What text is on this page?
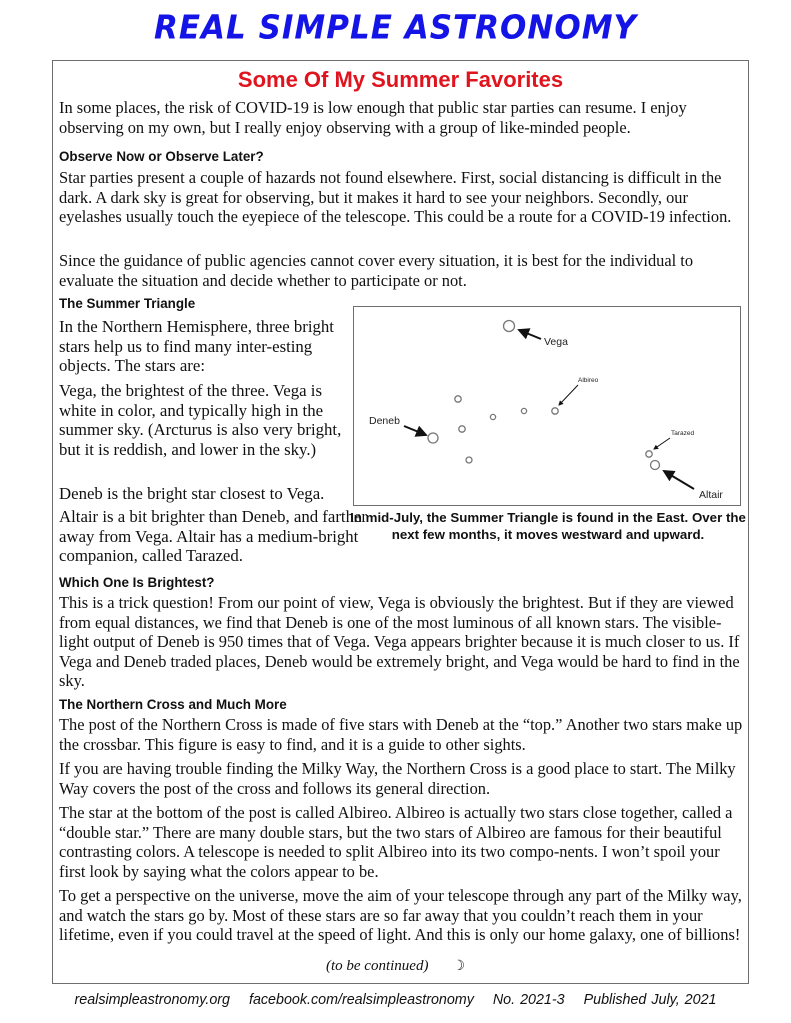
REAL SIMPLE ASTRONOMY
Some Of My Summer Favorites

In some places, the risk of COVID-19 is low enough that public star parties can resume. I enjoy observing on my own, but I really enjoy observing with a group of like-minded people.

Observe Now or Observe Later?

Star parties present a couple of hazards not found elsewhere. First, social distancing is difficult in the dark. A dark sky is great for observing, but it makes it hard to see your neighbors. Secondly, our eyelashes usually touch the eyepiece of the telescope. This could be a route for a COVID-19 infection.

Since the guidance of public agencies cannot cover every situation, it is best for the individual to evaluate the situation and decide whether to participate or not.

The Summer Triangle

In the Northern Hemisphere, three bright stars help us to find many inter-esting objects. The stars are:

Vega, the brightest of the three. Vega is white in color, and typically high in the summer sky. (Arcturus is also very bright, but it is reddish, and lower in the sky.)

Deneb is the bright star closest to Vega.

Altair is a bit brighter than Deneb, and farther away from Vega. Altair has a medium-bright companion, called Tarazed.

Vega
Albireo
Deneb
Tarazed
Altair
In mid-July, the Summer Triangle is found in the East. Over the next few months, it moves westward and upward.
Which One Is Brightest?

This is a trick question! From our point of view, Vega is obviously the brightest. But if they are viewed from equal distances, we find that Deneb is one of the most luminous of all known stars. The visible-light output of Deneb is 950 times that of Vega. Vega appears brighter because it is much closer to us. If Vega and Deneb traded places, Deneb would be extremely bright, and Vega would be hard to find in the sky.

The Northern Cross and Much More

The post of the Northern Cross is made of five stars with Deneb at the “top.” Another two stars make up the crossbar. This figure is easy to find, and it is a guide to other sights.

If you are having trouble finding the Milky Way, the Northern Cross is a good place to start. The Milky Way covers the post of the cross and follows its general direction.

The star at the bottom of the post is called Albireo. Albireo is actually two stars close together, called a “double star.” There are many double stars, but the two stars of Albireo are famous for their beautiful contrasting colors. A telescope is needed to split Albireo into its two compo-nents. I won’t spoil your first look by saying what the colors appear to be.

To get a perspective on the universe, move the aim of your telescope through any part of the Milky way, and watch the stars go by. Most of these stars are so far away that you couldn’t reach them in your lifetime, even if you could travel at the speed of light. And this is only our home galaxy, one of billions!

(to be continued) ☽
realsimpleastronomy.org facebook.com/realsimpleastronomy No. 2021-3 Published July, 2021
